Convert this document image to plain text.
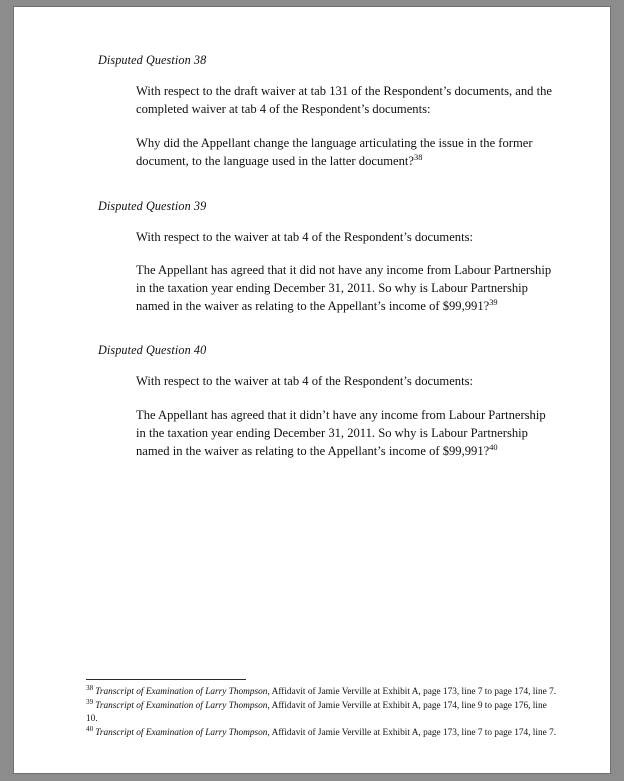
Disputed Question 38

With respect to the draft waiver at tab 131 of the Respondent’s documents, and the completed waiver at tab 4 of the Respondent’s documents:

Why did the Appellant change the language articulating the issue in the former document, to the language used in the latter document?$^{38}$

Disputed Question 39

With respect to the waiver at tab 4 of the Respondent’s documents:

The Appellant has agreed that it did not have any income from Labour Partnership in the taxation year ending December 31, 2011. So why is Labour Partnership named in the waiver as relating to the Appellant’s income of $99,991?$^{39}$

Disputed Question 40

With respect to the waiver at tab 4 of the Respondent’s documents:

The Appellant has agreed that it didn’t have any income from Labour Partnership in the taxation year ending December 31, 2011. So why is Labour Partnership named in the waiver as relating to the Appellant’s income of $99,991?$^{40}$

$^{38}$ Transcript of Examination of Larry Thompson, Affidavit of Jamie Verville at Exhibit A, page 173, line 7 to page 174, line 7.

$^{39}$ Transcript of Examination of Larry Thompson, Affidavit of Jamie Verville at Exhibit A, page 174, line 9 to page 176, line 10.

$^{40}$ Transcript of Examination of Larry Thompson, Affidavit of Jamie Verville at Exhibit A, page 173, line 7 to page 174, line 7.
